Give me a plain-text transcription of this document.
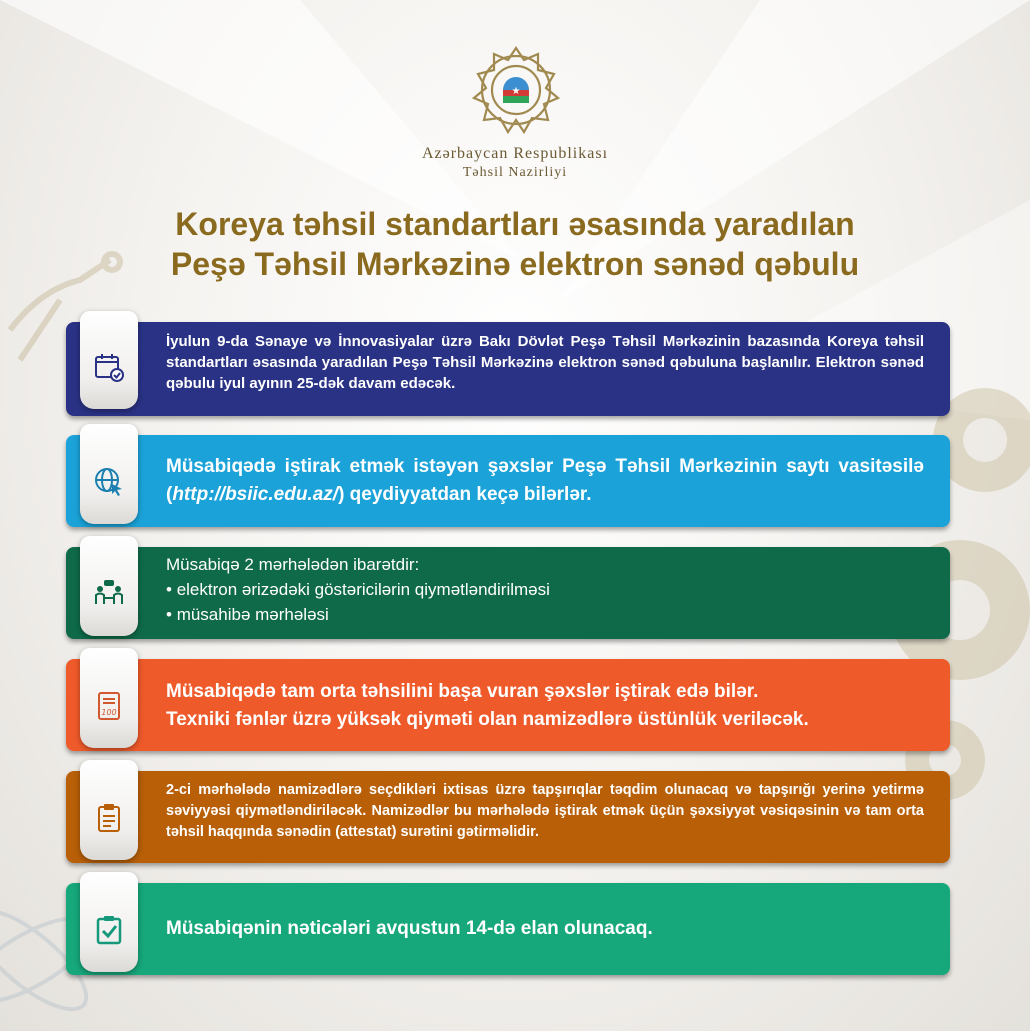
★
Azərbaycan Respublikası
Təhsil Nazirliyi
Koreya təhsil standartları əsasında yaradılan
Peşə Təhsil Mərkəzinə elektron sənəd qəbulu
İyulun 9-da Sənaye və İnnovasiyalar üzrə Bakı Dövlət Peşə Təhsil Mərkəzinin bazasında Koreya təhsil standartları əsasında yaradılan Peşə Təhsil Mərkəzinə elektron sənəd qəbuluna başlanılır. Elektron sənəd qəbulu iyul ayının 25-dək davam edəcək.
Müsabiqədə iştirak etmək istəyən şəxslər Peşə Təhsil Mərkəzinin saytı vasitəsilə (http://bsiic.edu.az/) qeydiyyatdan keçə bilərlər.
Müsabiqə 2 mərhələdən ibarətdir:
• elektron ərizədəki göstəricilərin qiymətləndirilməsi
• müsahibə mərhələsi
Müsabiqədə tam orta təhsilini başa vuran şəxslər iştirak edə bilər.
Texniki fənlər üzrə yüksək qiyməti olan namizədlərə üstünlük veriləcək.
100
2-ci mərhələdə namizədlərə seçdikləri ixtisas üzrə tapşırıqlar təqdim olunacaq və tapşırığı yerinə yetirmə səviyyəsi qiymətləndiriləcək. Namizədlər bu mərhələdə iştirak etmək üçün şəxsiyyət vəsiqəsinin və tam orta təhsil haqqında sənədin (attestat) surətini gətirməlidir.
Müsabiqənin nəticələri avqustun 14-də elan olunacaq.
